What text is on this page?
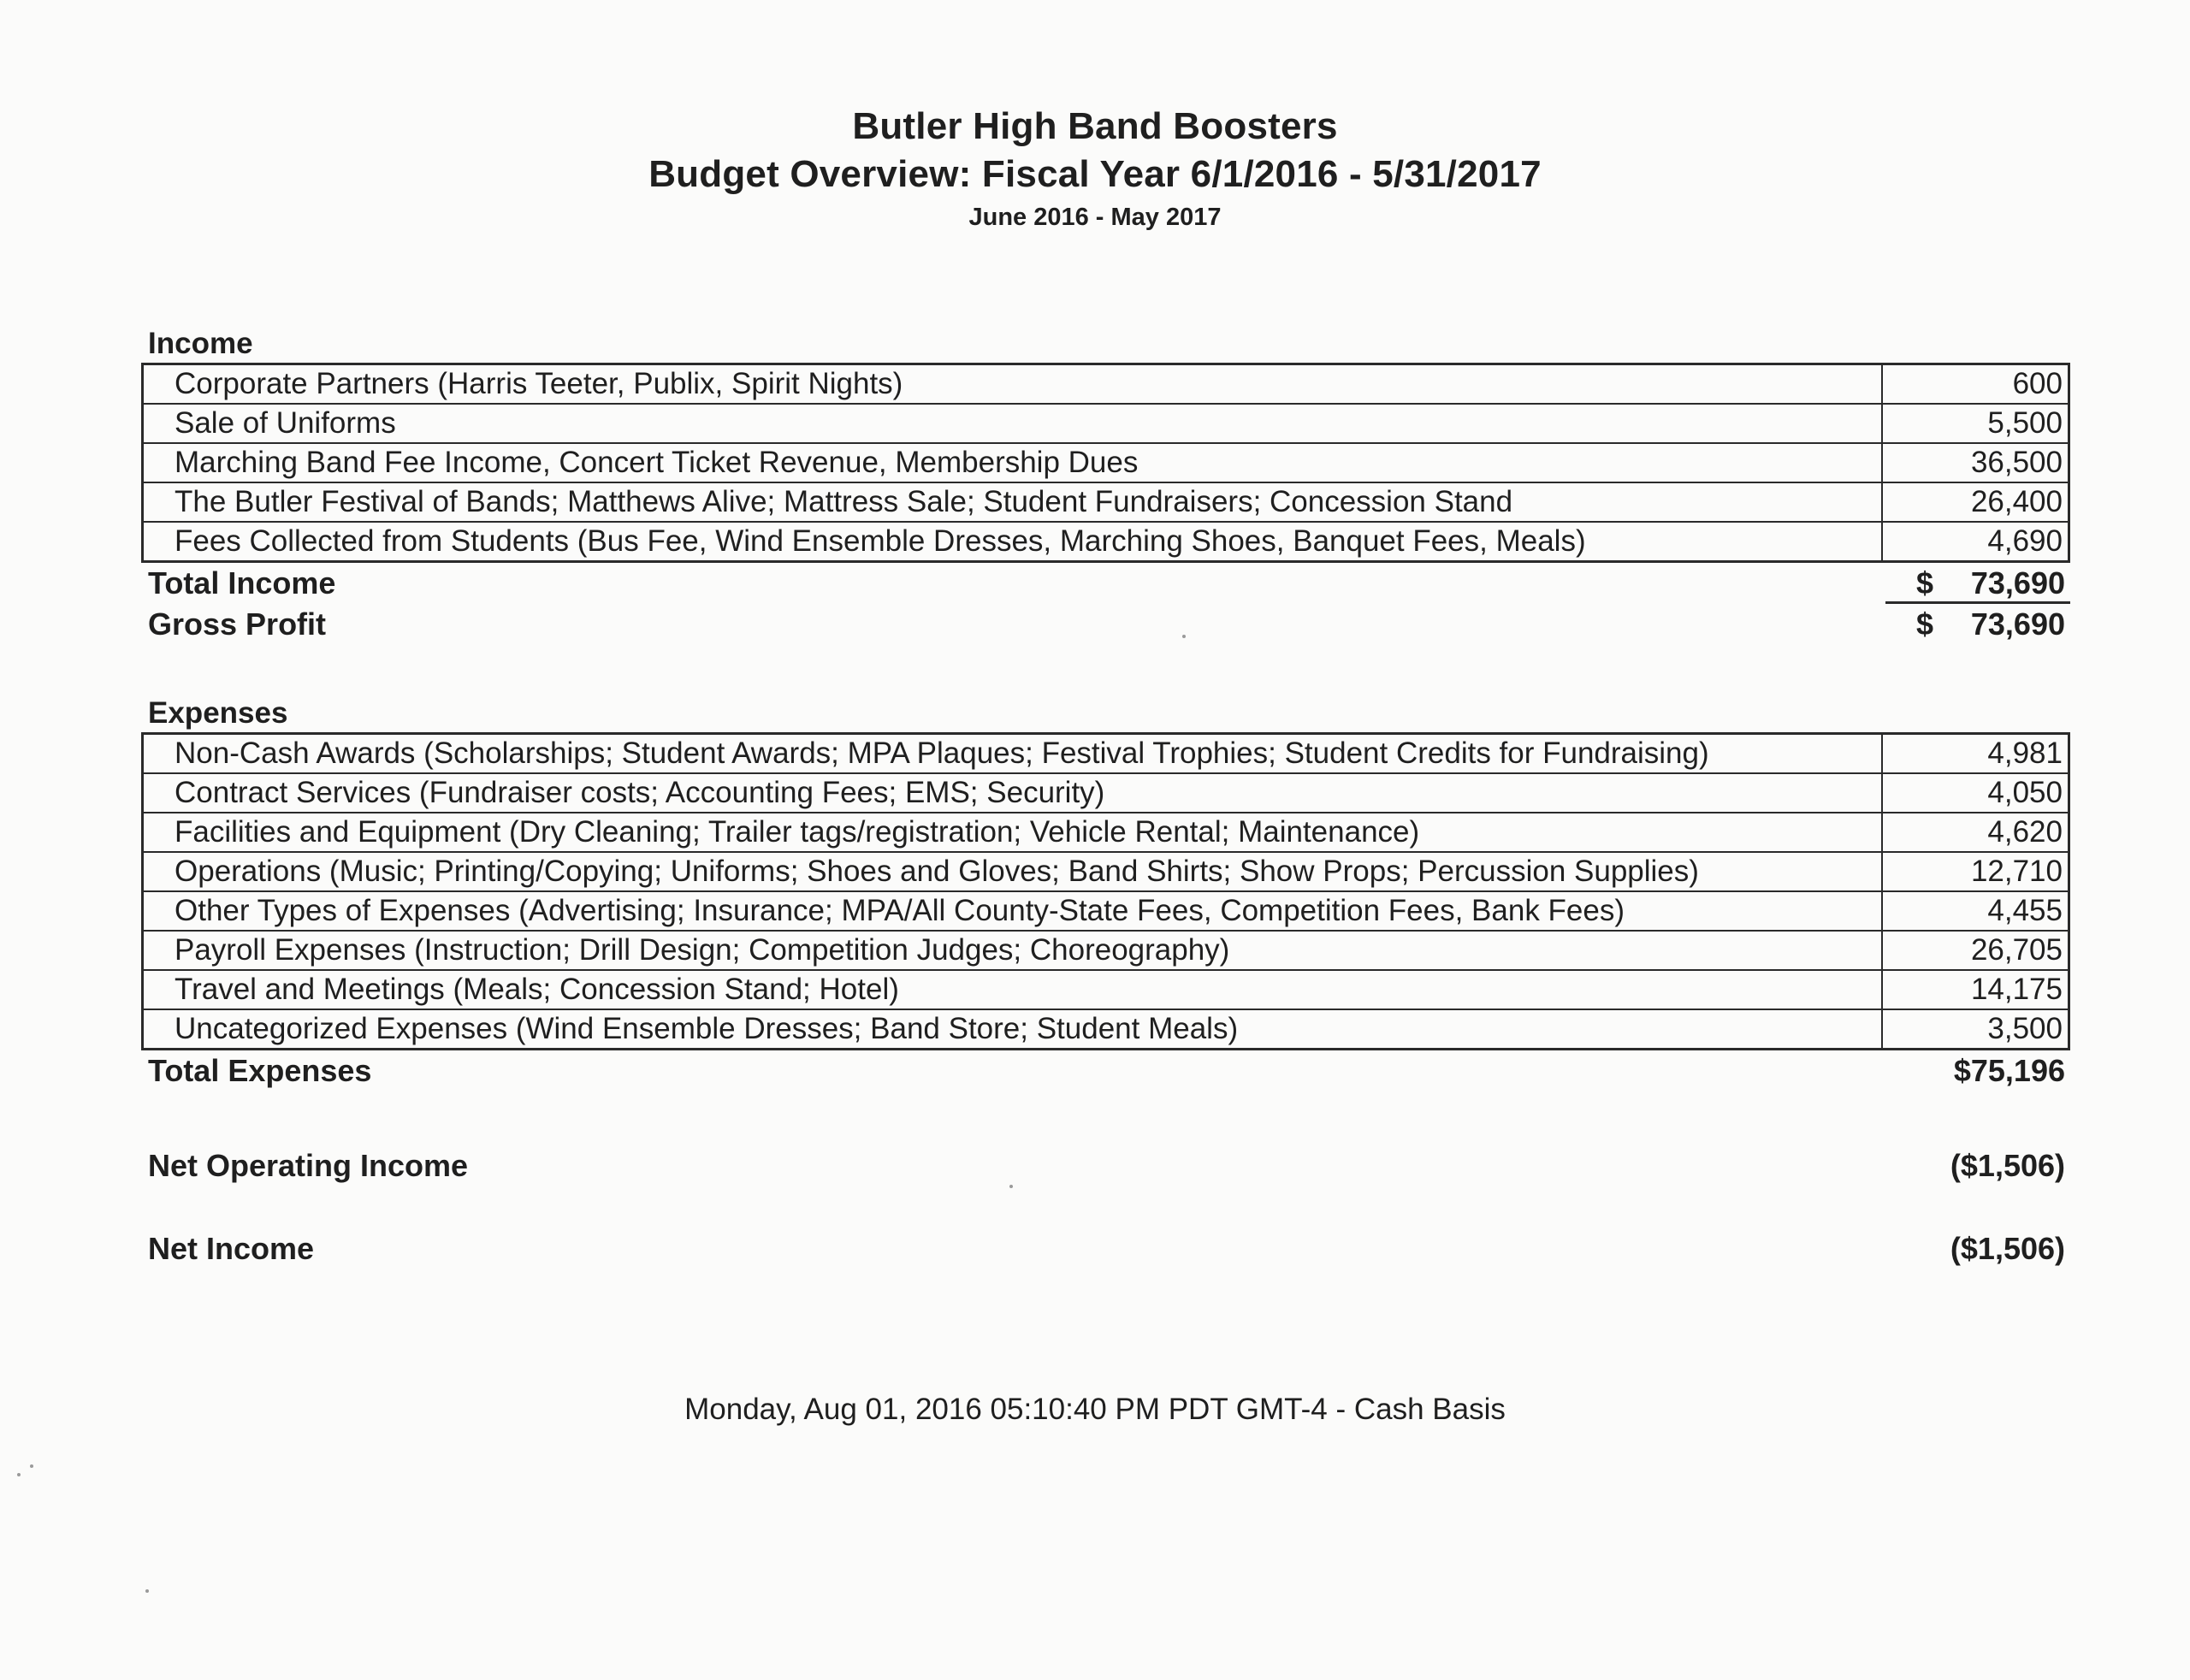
Butler High Band Boosters
Budget Overview: Fiscal Year 6/1/2016 - 5/31/2017
June 2016 - May 2017
Income
Corporate Partners (Harris Teeter, Publix, Spirit Nights)	600
Sale of Uniforms	5,500
Marching Band Fee Income, Concert Ticket Revenue, Membership Dues	36,500
The Butler Festival of Bands; Matthews Alive; Mattress Sale; Student Fundraisers; Concession Stand	26,400
Fees Collected from Students (Bus Fee, Wind Ensemble Dresses, Marching Shoes, Banquet Fees, Meals)	4,690
Total Income	$ 73,690
Gross Profit	$ 73,690
Expenses
Non-Cash Awards (Scholarships; Student Awards; MPA Plaques; Festival Trophies; Student Credits for Fundraising)	4,981
Contract Services (Fundraiser costs; Accounting Fees; EMS; Security)	4,050
Facilities and Equipment (Dry Cleaning; Trailer tags/registration; Vehicle Rental; Maintenance)	4,620
Operations (Music; Printing/Copying; Uniforms; Shoes and Gloves; Band Shirts; Show Props; Percussion Supplies)	12,710
Other Types of Expenses (Advertising; Insurance; MPA/All County-State Fees, Competition Fees, Bank Fees)	4,455
Payroll Expenses (Instruction; Drill Design; Competition Judges; Choreography)	26,705
Travel and Meetings (Meals; Concession Stand; Hotel)	14,175
Uncategorized Expenses (Wind Ensemble Dresses; Band Store; Student Meals)	3,500
Total Expenses	$75,196
Net Operating Income	($1,506)
Net Income	($1,506)
Monday, Aug 01, 2016 05:10:40 PM PDT GMT-4 - Cash Basis
